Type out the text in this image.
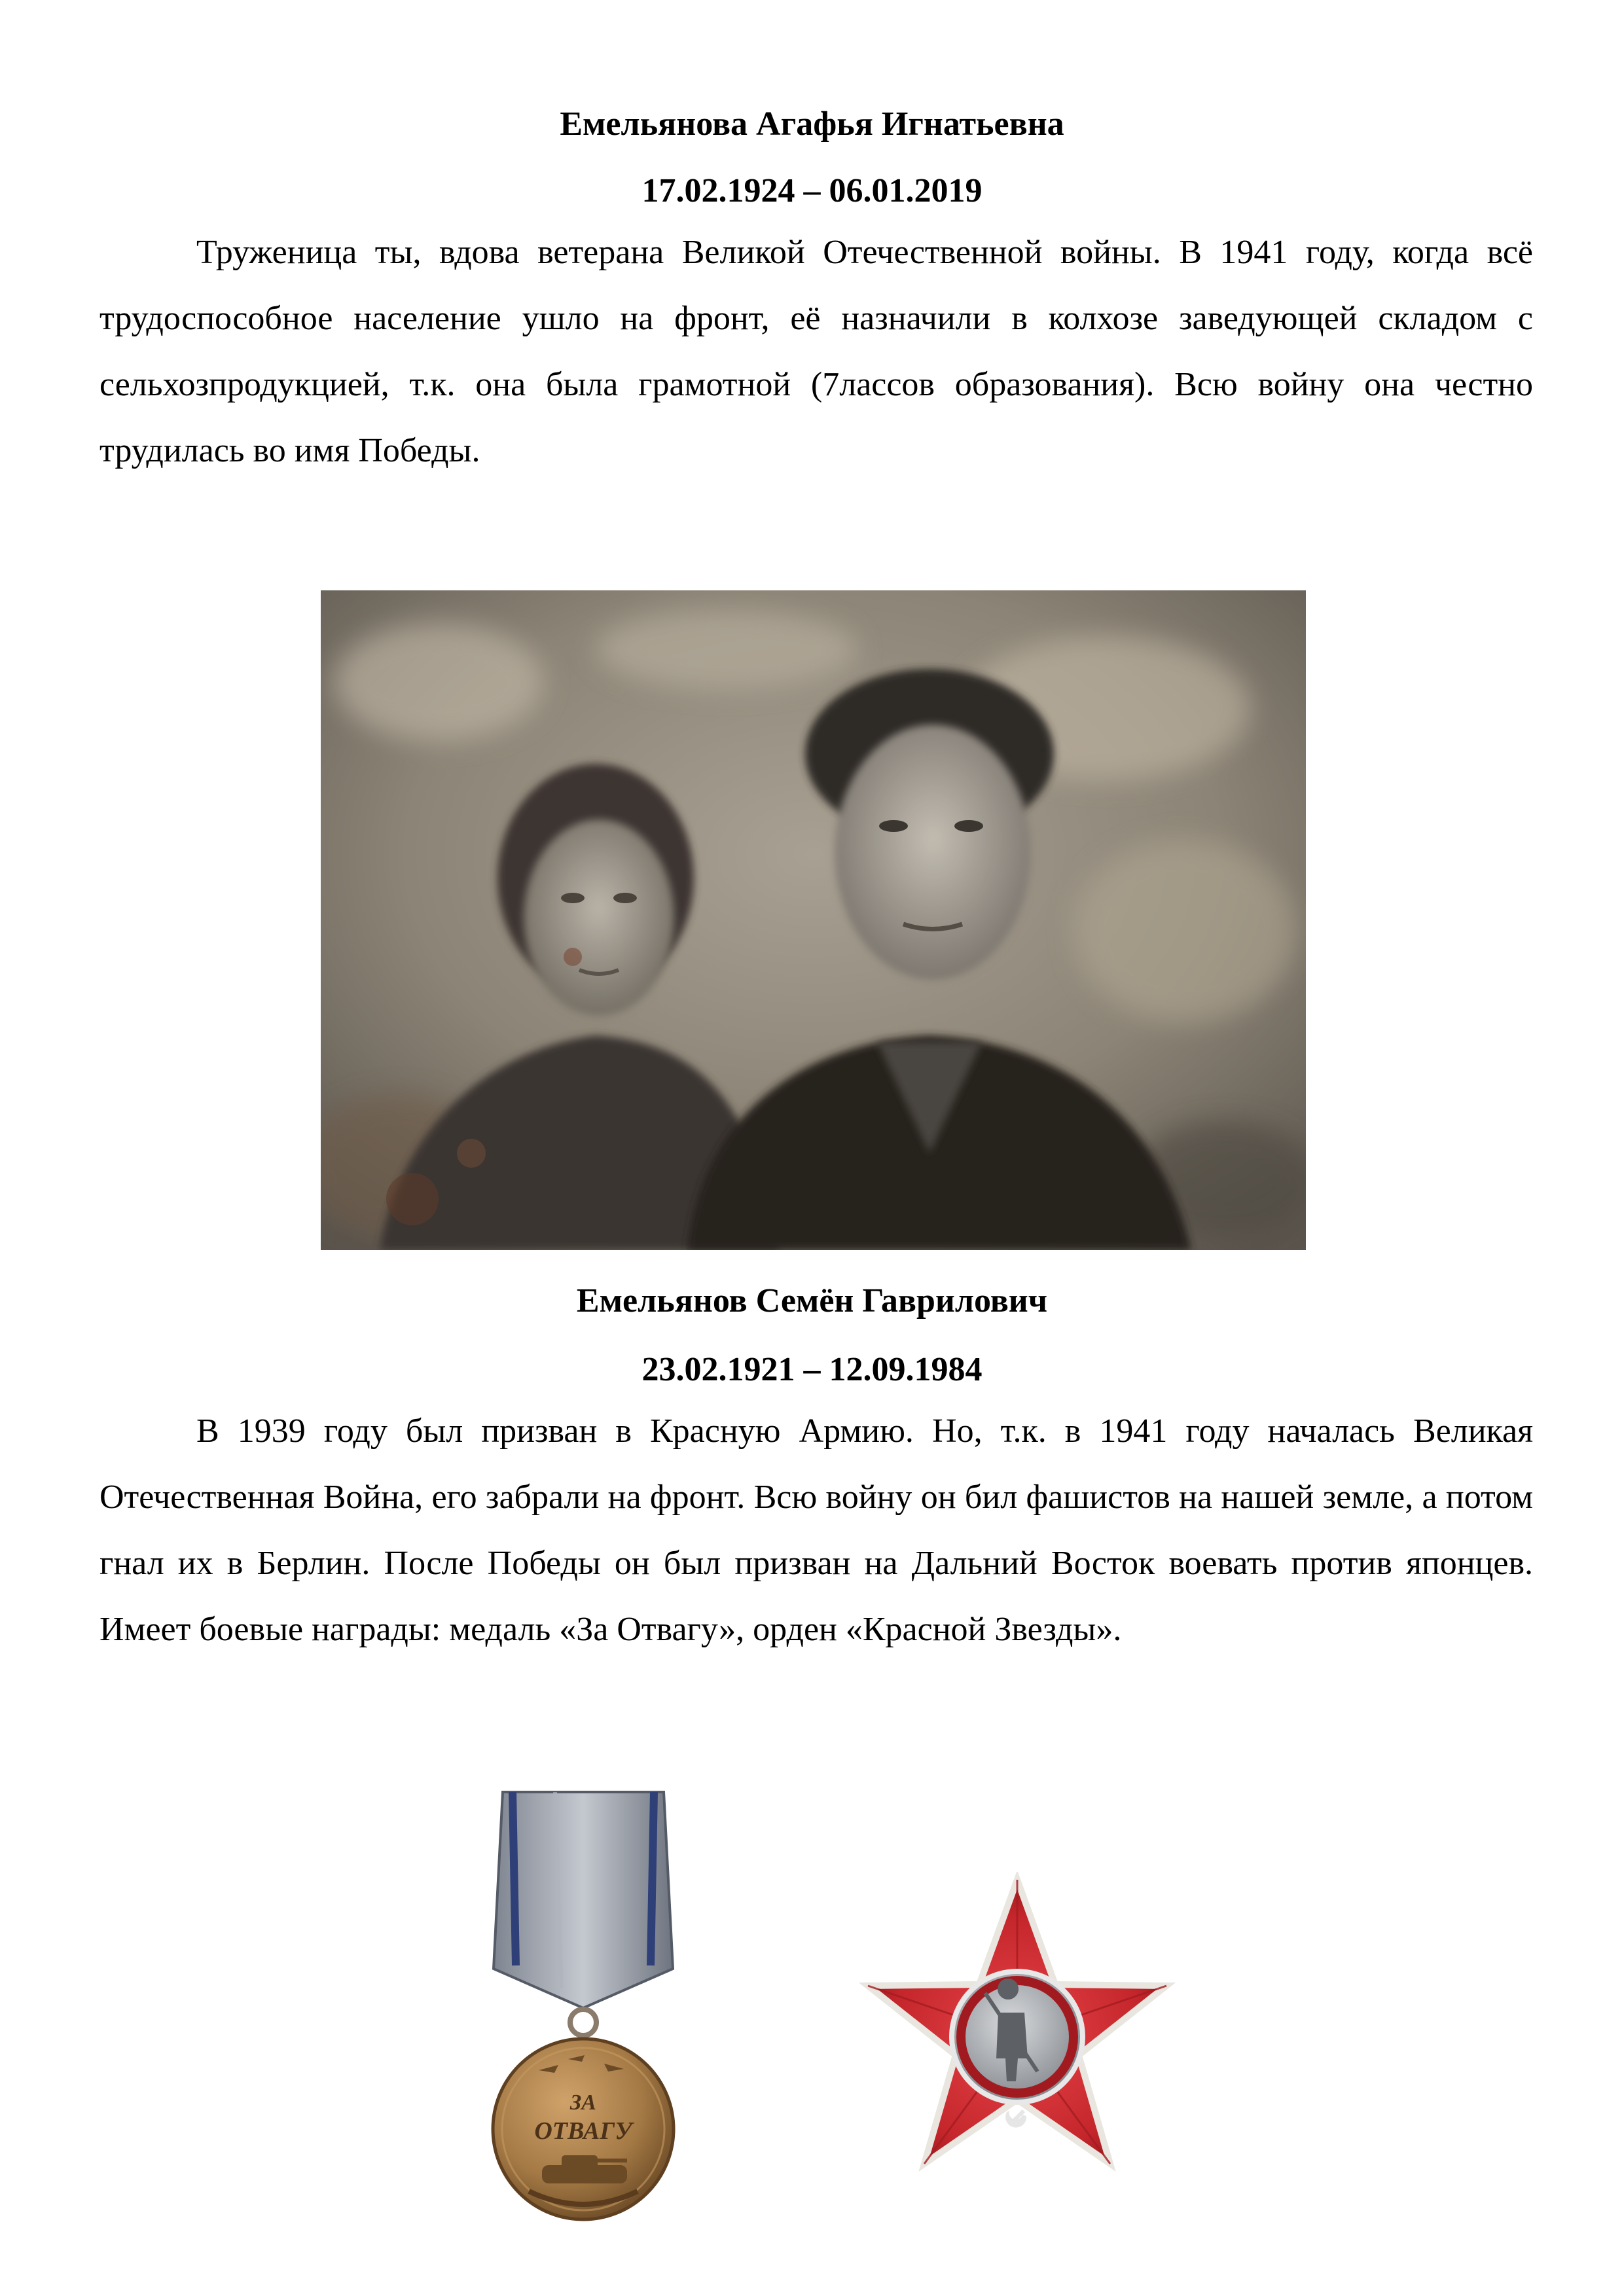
Емельянова Агафья Игнатьевна
17.02.1924 – 06.01.2019

Труженица ты, вдова ветерана Великой Отечественной войны. В 1941 году, когда всё трудоспособное население ушло на фронт, её назначили в колхозе заведующей складом с сельхозпродукцией, т.к. она была грамотной (7лассов образования). Всю войну она честно трудилась во имя Победы.

Емельянов Семён Гаврилович
23.02.1921 – 12.09.1984

В 1939 году был призван в Красную Армию. Но, т.к. в 1941 году началась Великая Отечественная Война, его забрали на фронт. Всю войну он бил фашистов на нашей земле, а потом гнал их в Берлин. После Победы он был призван на Дальний Восток воевать против японцев. Имеет боевые награды: медаль «За Отвагу», орден «Красной Звезды».

ЗА
ОТВАГУ
